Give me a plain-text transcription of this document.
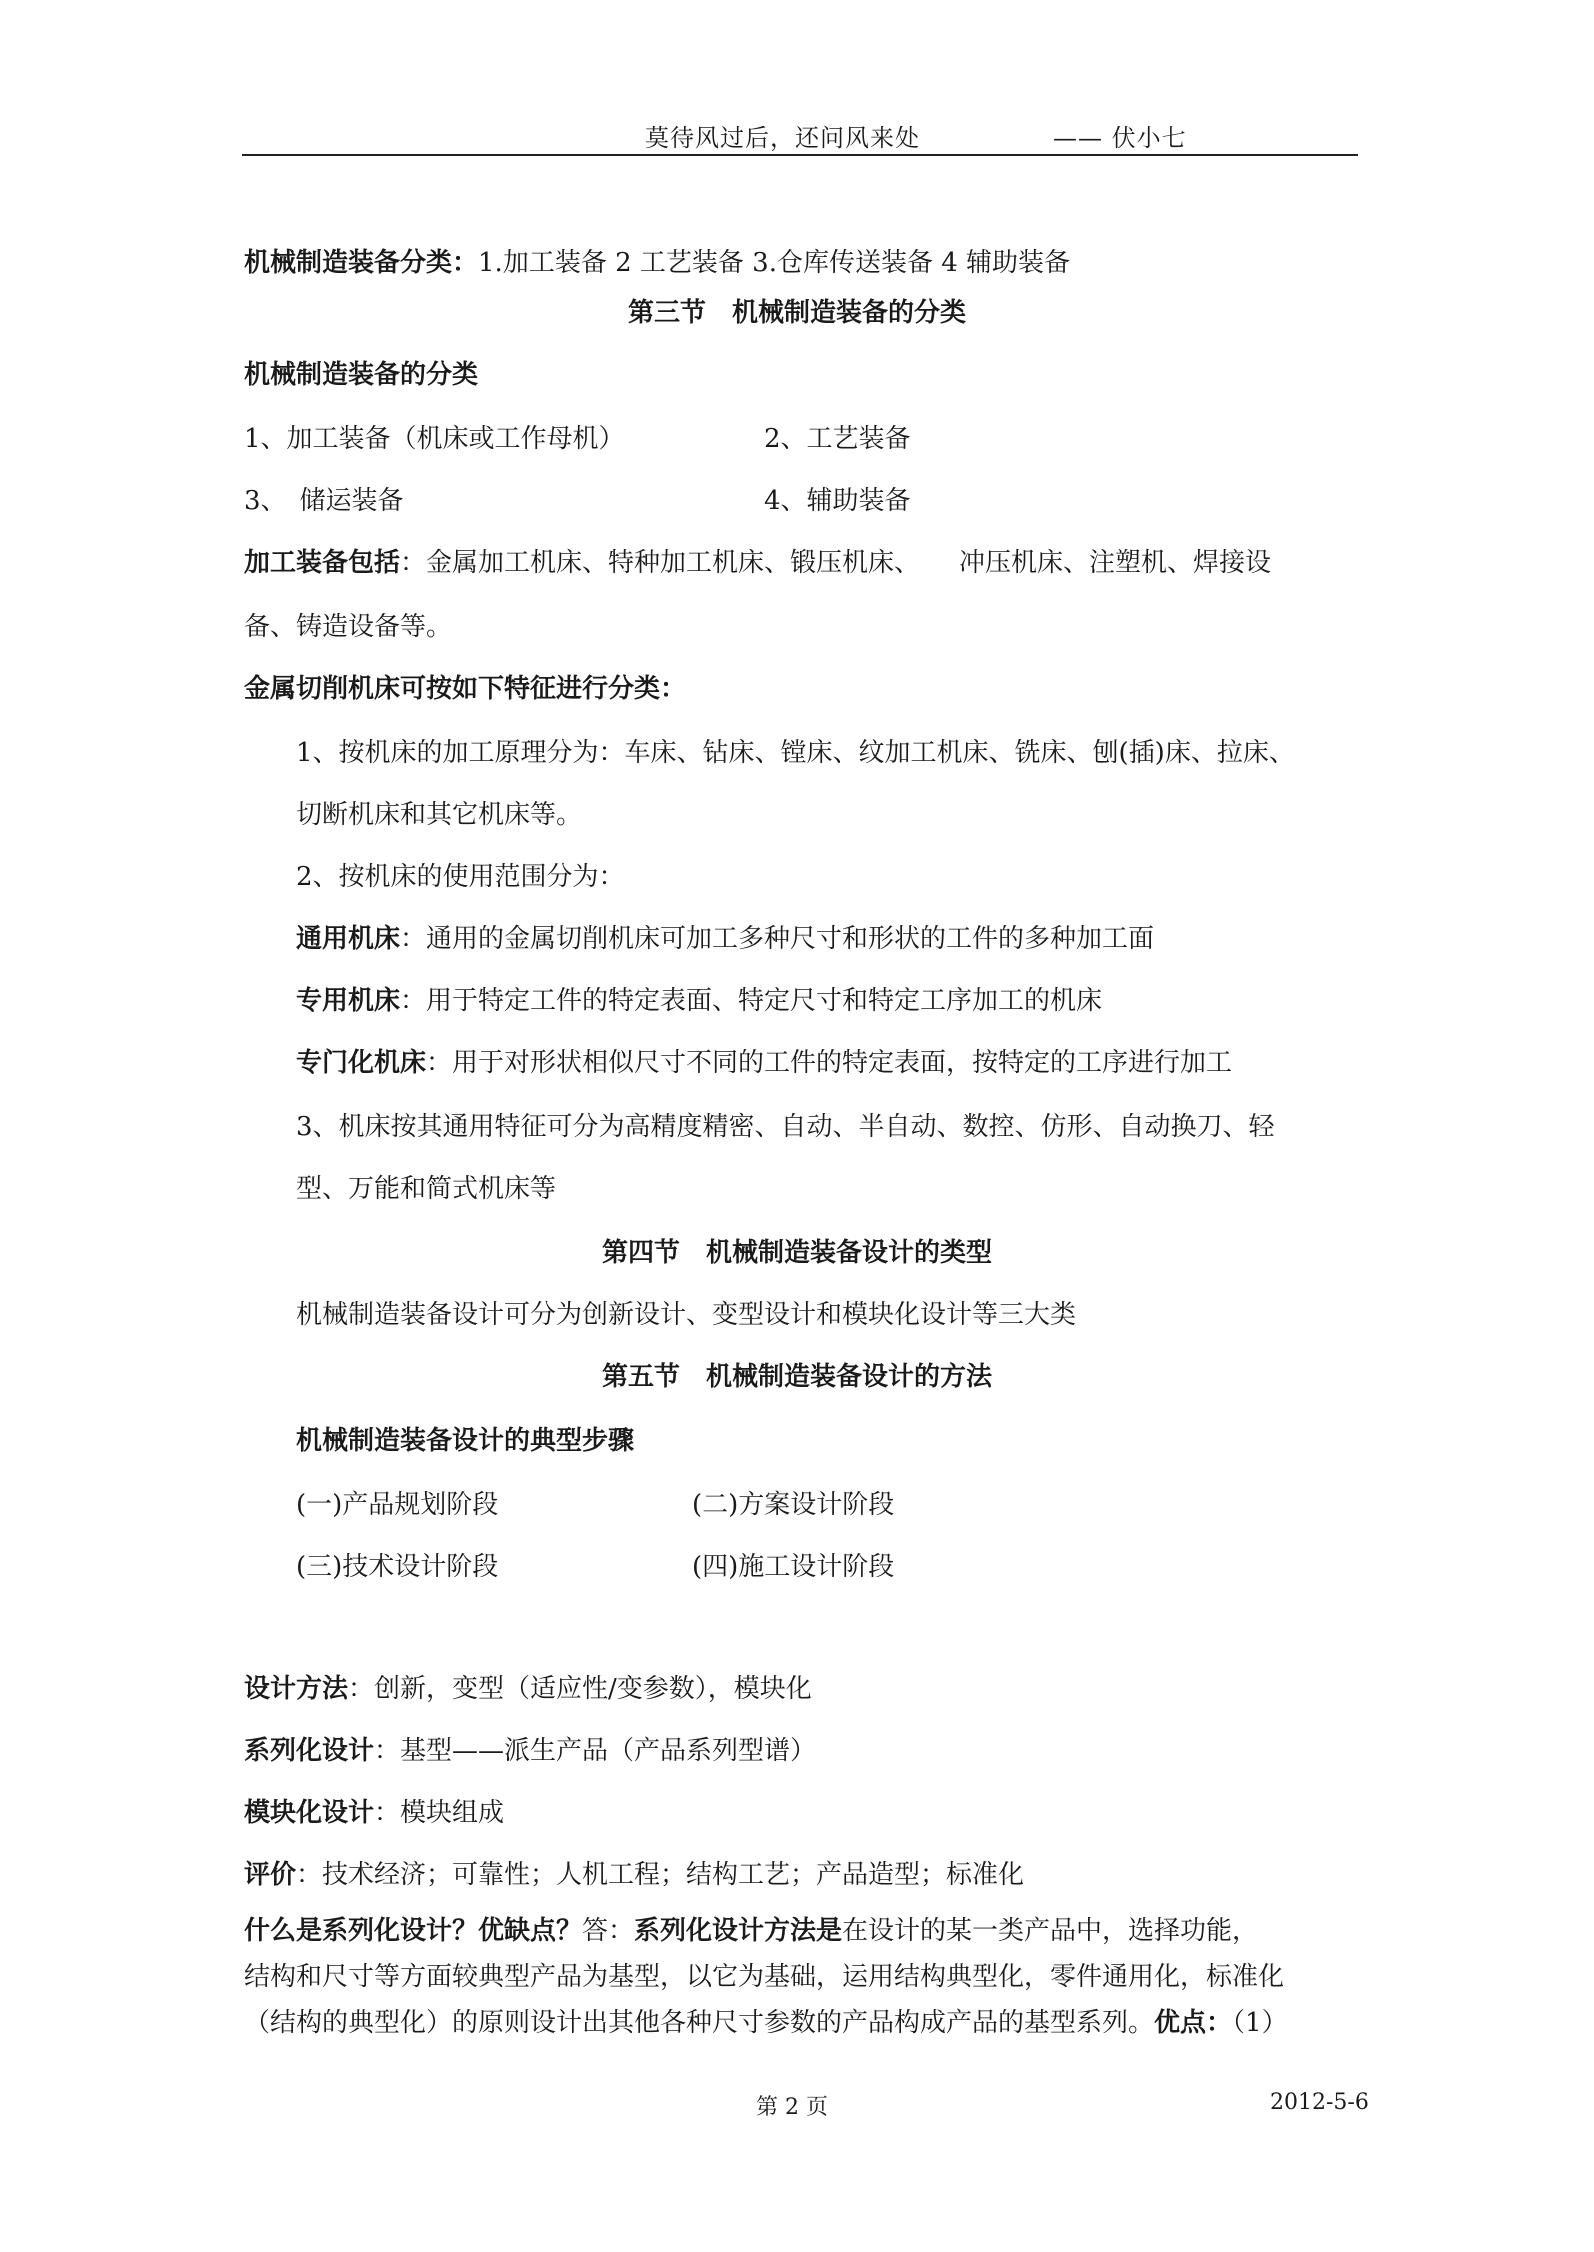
莫待风过后，还问风来处	—— 伏小七
机械制造装备分类：1.加工装备 2 工艺装备 3.仓库传送装备 4 辅助装备
第三节　机械制造装备的分类
机械制造装备的分类
1、加工装备（机床或工作母机）	2、工艺装备
3、　储运装备	4、辅助装备
加工装备包括：金属加工机床、特种加工机床、锻压机床、　　冲压机床、注塑机、焊接设
备、铸造设备等。
金属切削机床可按如下特征进行分类：
1、按机床的加工原理分为：车床、钻床、镗床、纹加工机床、铣床、刨(插)床、拉床、
切断机床和其它机床等。
2、按机床的使用范围分为：
通用机床：通用的金属切削机床可加工多种尺寸和形状的工件的多种加工面
专用机床：用于特定工件的特定表面、特定尺寸和特定工序加工的机床
专门化机床：用于对形状相似尺寸不同的工件的特定表面，按特定的工序进行加工
3、机床按其通用特征可分为高精度精密、自动、半自动、数控、仿形、自动换刀、轻
型、万能和简式机床等
第四节　机械制造装备设计的类型
机械制造装备设计可分为创新设计、变型设计和模块化设计等三大类
第五节　机械制造装备设计的方法
机械制造装备设计的典型步骤
(一)产品规划阶段	(二)方案设计阶段
(三)技术设计阶段	(四)施工设计阶段
设计方法：创新，变型（适应性/变参数），模块化
系列化设计：基型——派生产品（产品系列型谱）
模块化设计：模块组成
评价：技术经济；可靠性；人机工程；结构工艺；产品造型；标准化
什么是系列化设计？优缺点？答：系列化设计方法是在设计的某一类产品中，选择功能，
结构和尺寸等方面较典型产品为基型，以它为基础，运用结构典型化，零件通用化，标准化
（结构的典型化）的原则设计出其他各种尺寸参数的产品构成产品的基型系列。优点：（1）
第 2 页	2012-5-6
